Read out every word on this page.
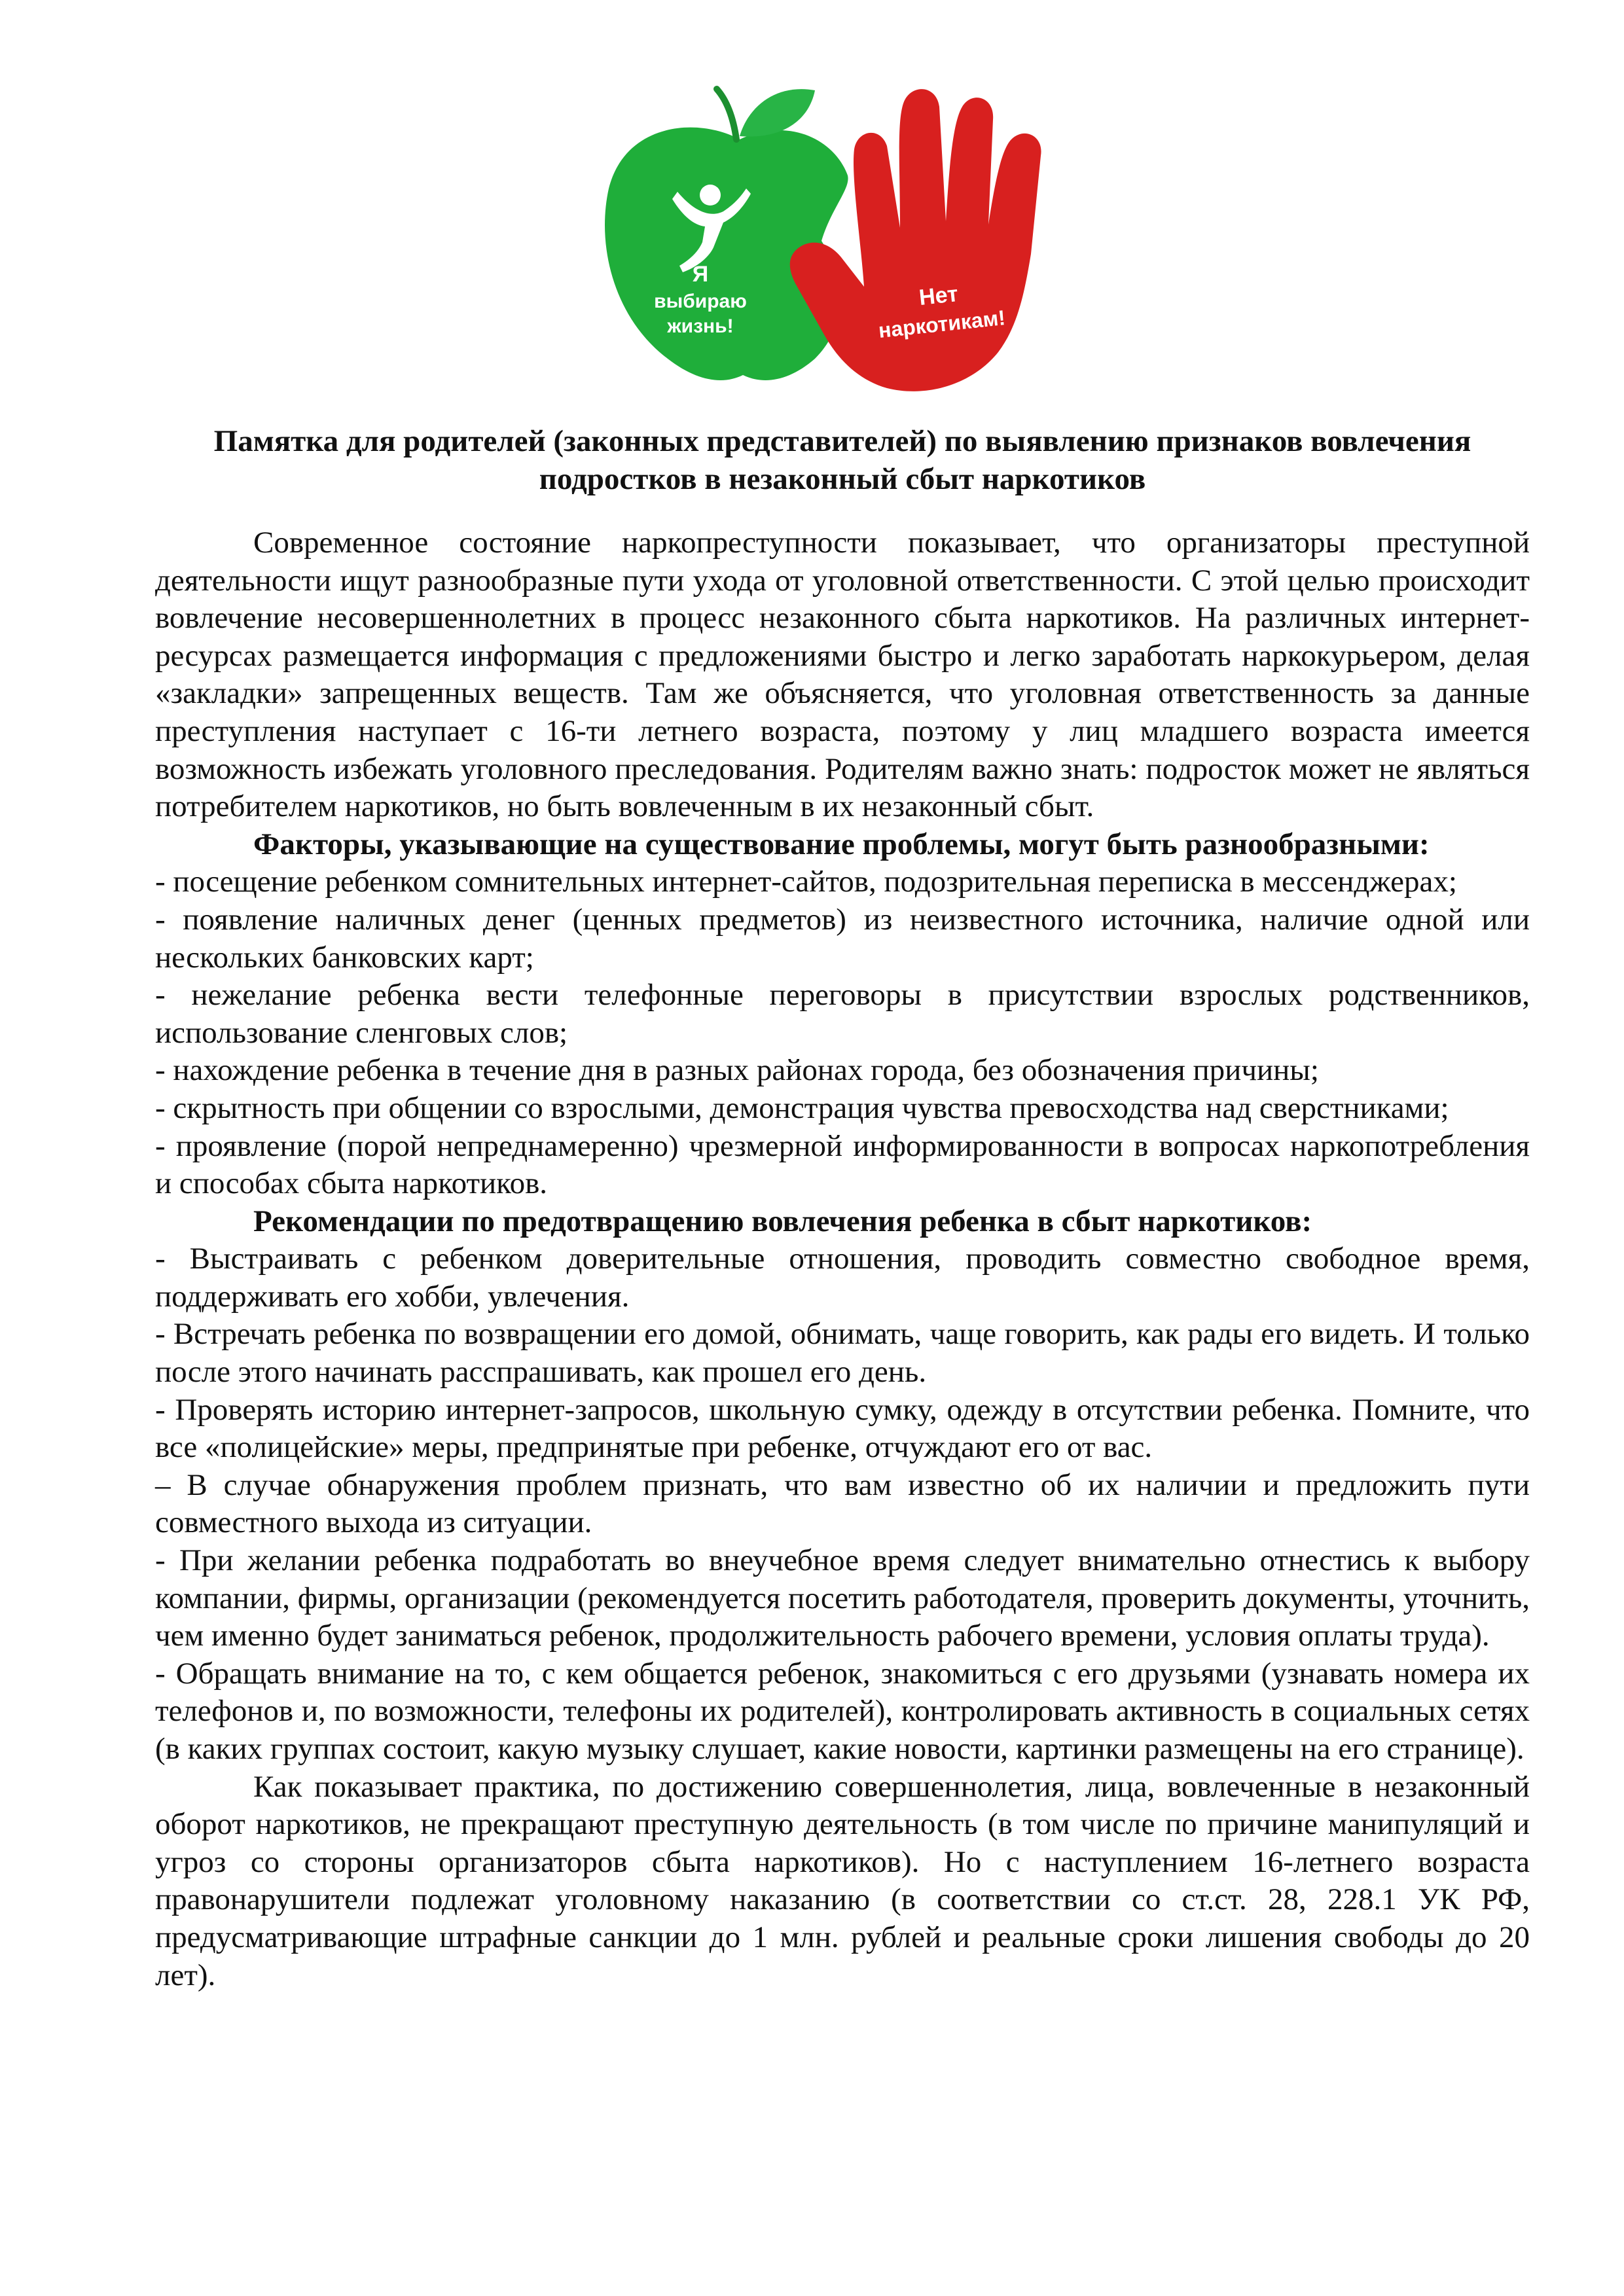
Я
выбираю
жизнь!
Нет
наркотикам!
Памятка для родителей (законных представителей) по выявлению признаков вовлечения
подростков в незаконный сбыт наркотиков

Современное состояние наркопреступности показывает, что организаторы преступной деятельности ищут разнообразные пути ухода от уголовной ответственности. С этой целью происходит вовлечение несовершеннолетних в процесс незаконного сбыта наркотиков. На различных интернет-ресурсах размещается информация с предложениями быстро и легко заработать наркокурьером, делая «закладки» запрещенных веществ. Там же объясняется, что уголовная ответственность за данные преступления наступает с 16-ти летнего возраста, поэтому у лиц младшего возраста имеется возможность избежать уголовного преследования. Родителям важно знать: подросток может не являться потребителем наркотиков, но быть вовлеченным в их незаконный сбыт.

Факторы, указывающие на существование проблемы, могут быть разнообразными:

- посещение ребенком сомнительных интернет-сайтов, подозрительная переписка в мессенджерах;

- появление наличных денег (ценных предметов) из неизвестного источника, наличие одной или нескольких банковских карт;

- нежелание ребенка вести телефонные переговоры в присутствии взрослых родственников, использование сленговых слов;

- нахождение ребенка в течение дня в разных районах города, без обозначения причины;

- скрытность при общении со взрослыми, демонстрация чувства превосходства над сверстниками;

- проявление (порой непреднамеренно) чрезмерной информированности в вопросах наркопотребления и способах сбыта наркотиков.

Рекомендации по предотвращению вовлечения ребенка в сбыт наркотиков:

- Выстраивать с ребенком доверительные отношения, проводить совместно свободное время, поддерживать его хобби, увлечения.

- Встречать ребенка по возвращении его домой, обнимать, чаще говорить, как рады его видеть. И только после этого начинать расспрашивать, как прошел его день.

- Проверять историю интернет-запросов, школьную сумку, одежду в отсутствии ребенка. Помните, что все «полицейские» меры, предпринятые при ребенке, отчуждают его от вас.

– В случае обнаружения проблем признать, что вам известно об их наличии и предложить пути совместного выхода из ситуации.

- При желании ребенка подработать во внеучебное время следует внимательно отнестись к выбору компании, фирмы, организации (рекомендуется посетить работодателя, проверить документы, уточнить, чем именно будет заниматься ребенок, продолжительность рабочего времени, условия оплаты труда).

- Обращать внимание на то, с кем общается ребенок, знакомиться с его друзьями (узнавать номера их телефонов и, по возможности, телефоны их родителей), контролировать активность в социальных сетях (в каких группах состоит, какую музыку слушает, какие новости, картинки размещены на его странице).

Как показывает практика, по достижению совершеннолетия, лица, вовлеченные в незаконный оборот наркотиков, не прекращают преступную деятельность (в том числе по причине манипуляций и угроз со стороны организаторов сбыта наркотиков). Но с наступлением 16-летнего возраста правонарушители подлежат уголовному наказанию (в соответствии со ст.ст. 28, 228.1 УК РФ, предусматривающие штрафные санкции до 1 млн. рублей и реальные сроки лишения свободы до 20 лет).
